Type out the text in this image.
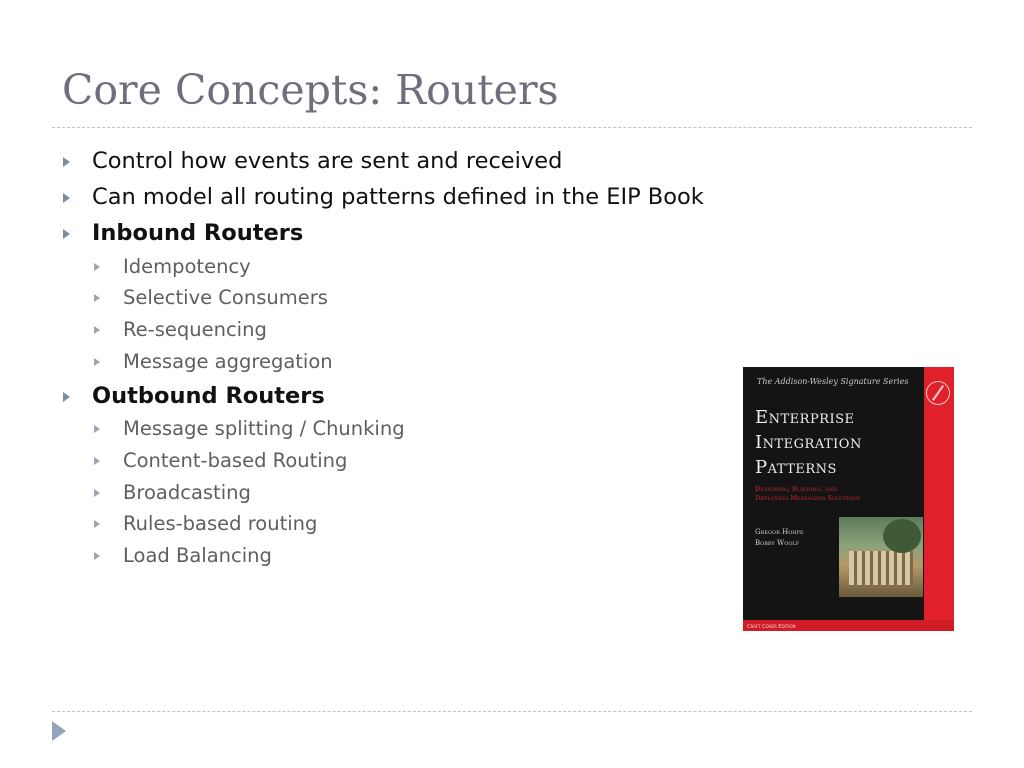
Core Concepts: Routers
Control how events are sent and received
Can model all routing patterns defined in the EIP Book
Inbound Routers
Idempotency
Selective Consumers
Re-sequencing
Message aggregation
Outbound Routers
Message splitting / Chunking
Content-based Routing
Broadcasting
Rules-based routing
Load Balancing
The Addison-Wesley Signature Series
Enterprise
Integration
Patterns
Designing, Building, and
Deploying Messaging Solutions
Gregor Hohpe
Bobby Woolf
Craft Cover Edition
